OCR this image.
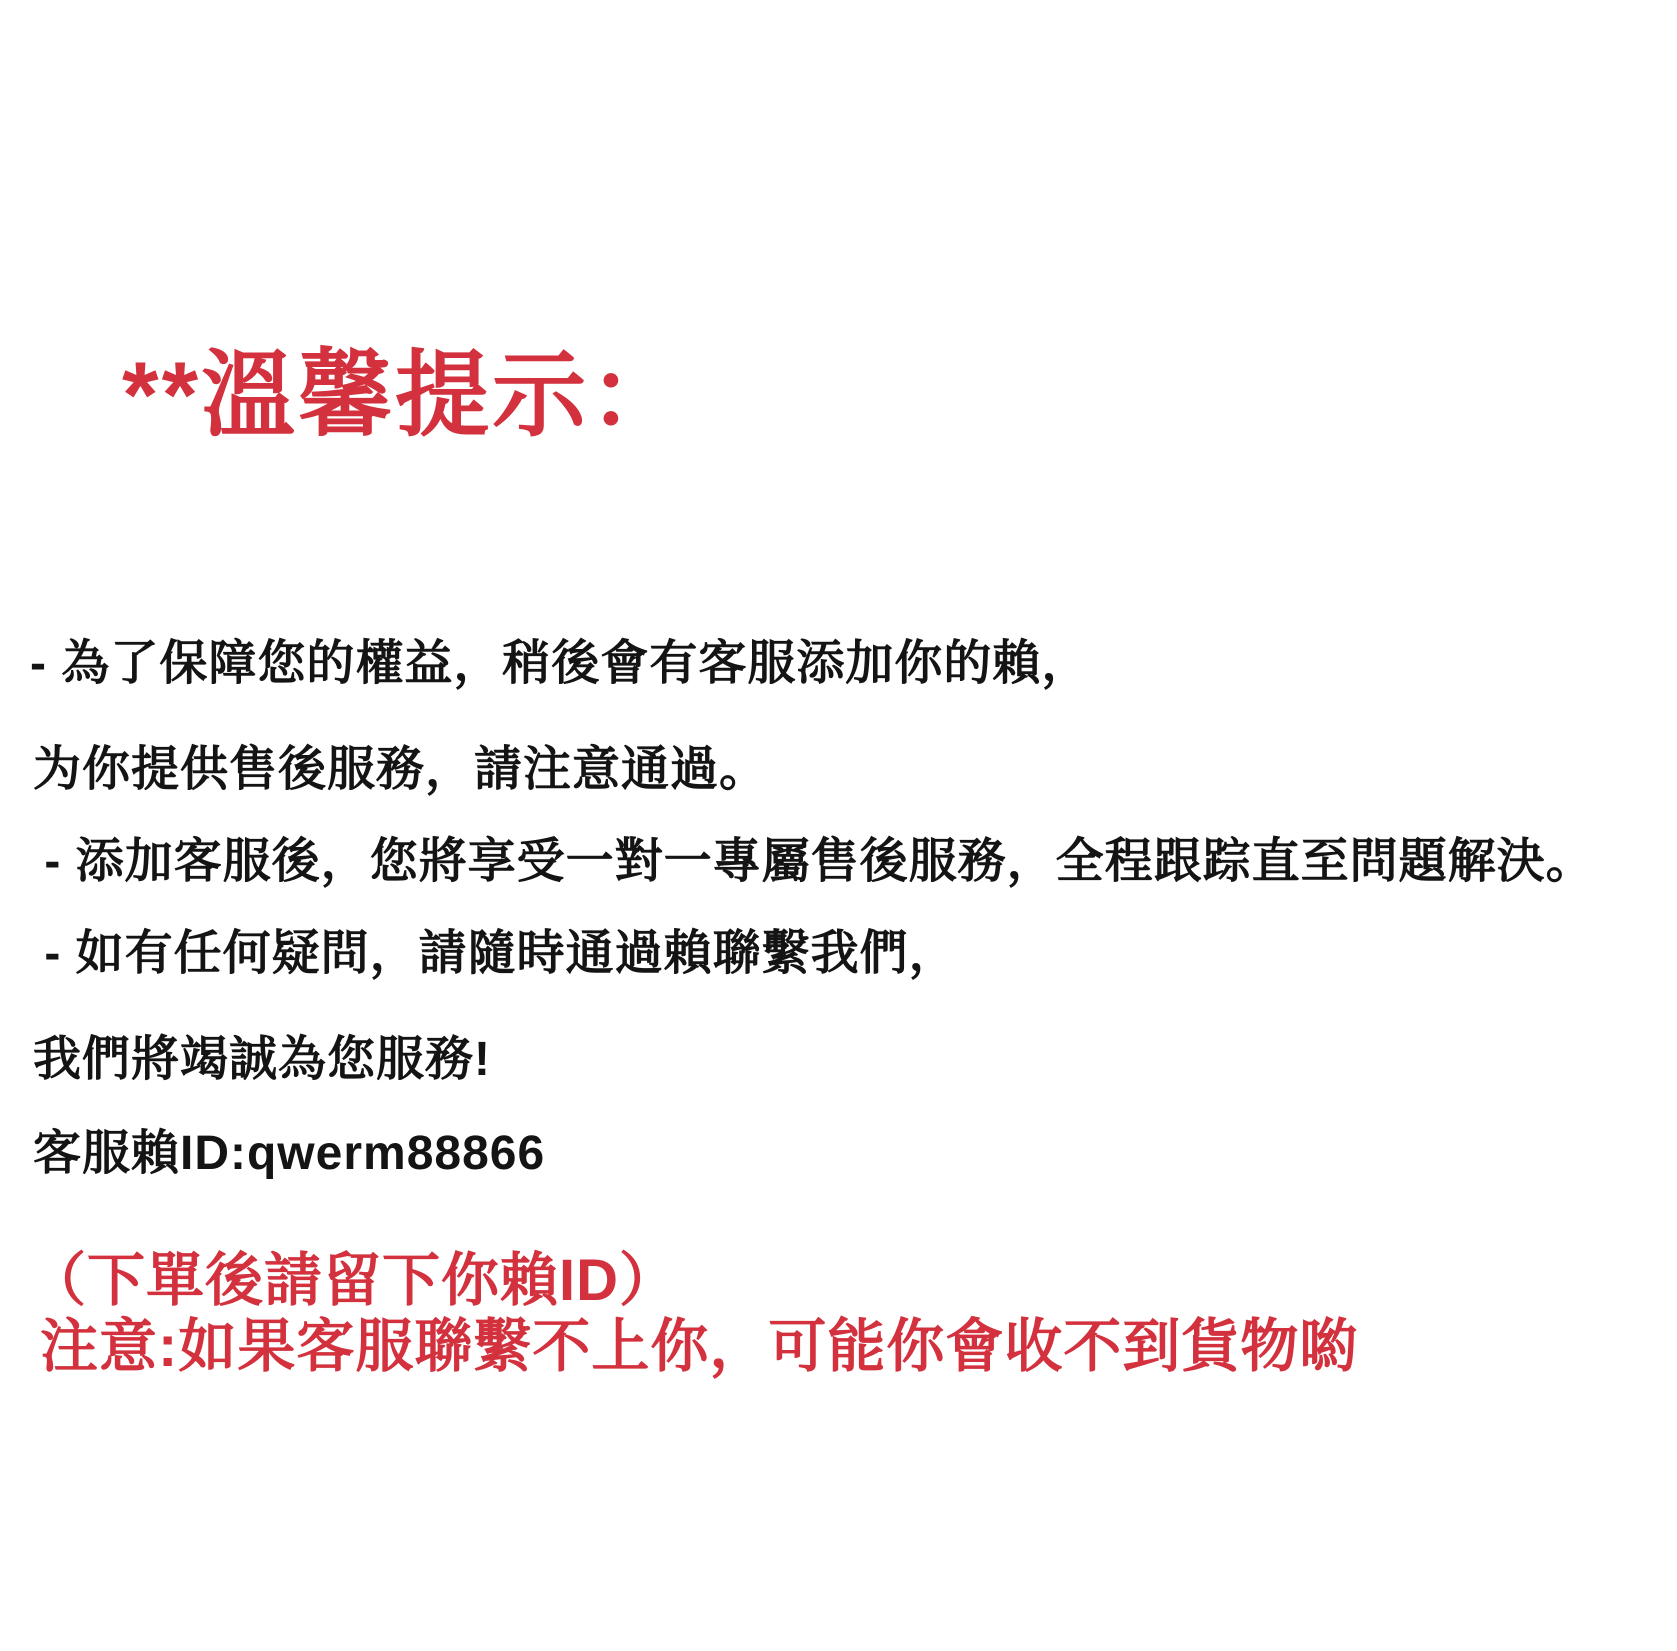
**溫馨提示：
- 為了保障您的權益，稍後會有客服添加你的賴，
为你提供售後服務，請注意通過。
- 添加客服後，您將享受一對一專屬售後服務，全程跟踪直至問題解決。
- 如有任何疑問，請隨時通過賴聯繫我們，
我們將竭誠為您服務!
客服賴ID:qwerm88866
（下單後請留下你賴ID）
注意:如果客服聯繫不上你，可能你會收不到貨物喲
